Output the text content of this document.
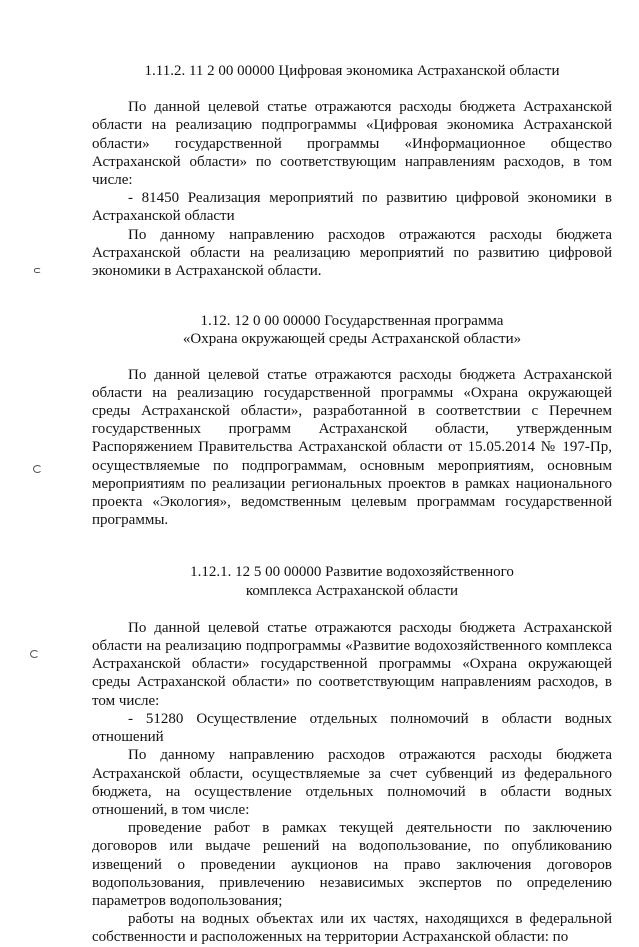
1.11.2. 11 2 00 00000 Цифровая экономика Астраханской области

По данной целевой статье отражаются расходы бюджета Астраханской области на реализацию подпрограммы «Цифровая экономика Астраханской области» государственной программы «Информационное общество Астраханской области» по соответствующим направлениям расходов, в том числе:

- 81450 Реализация мероприятий по развитию цифровой экономики в Астраханской области

По данному направлению расходов отражаются расходы бюджета Астраханской области на реализацию мероприятий по развитию цифровой экономики в Астраханской области.

1.12. 12 0 00 00000 Государственная программа

«Охрана окружающей среды Астраханской области»

По данной целевой статье отражаются расходы бюджета Астраханской области на реализацию государственной программы «Охрана окружающей среды Астраханской области», разработанной в соответствии с Перечнем государственных программ Астраханской области, утвержденным Распоряжением Правительства Астраханской области от 15.05.2014 № 197-Пр, осуществляемые по подпрограммам, основным мероприятиям, основным мероприятиям по реализации региональных проектов в рамках национального проекта «Экология», ведомственным целевым программам государственной программы.

1.12.1. 12 5 00 00000 Развитие водохозяйственного

комплекса Астраханской области

По данной целевой статье отражаются расходы бюджета Астраханской области на реализацию подпрограммы «Развитие водохозяйственного комплекса Астраханской области» государственной программы «Охрана окружающей среды Астраханской области» по соответствующим направлениям расходов, в том числе:

- 51280 Осуществление отдельных полномочий в области водных отношений

По данному направлению расходов отражаются расходы бюджета Астраханской области, осуществляемые за счет субвенций из федерального бюджета, на осуществление отдельных полномочий в области водных отношений, в том числе:

проведение работ в рамках текущей деятельности по заключению договоров или выдаче решений на водопользование, по опубликованию извещений о проведении аукционов на право заключения договоров водопользования, привлечению независимых экспертов по определению параметров водопользования;

работы на водных объектах или их частях, находящихся в федеральной собственности и расположенных на территории Астраханской области: по
